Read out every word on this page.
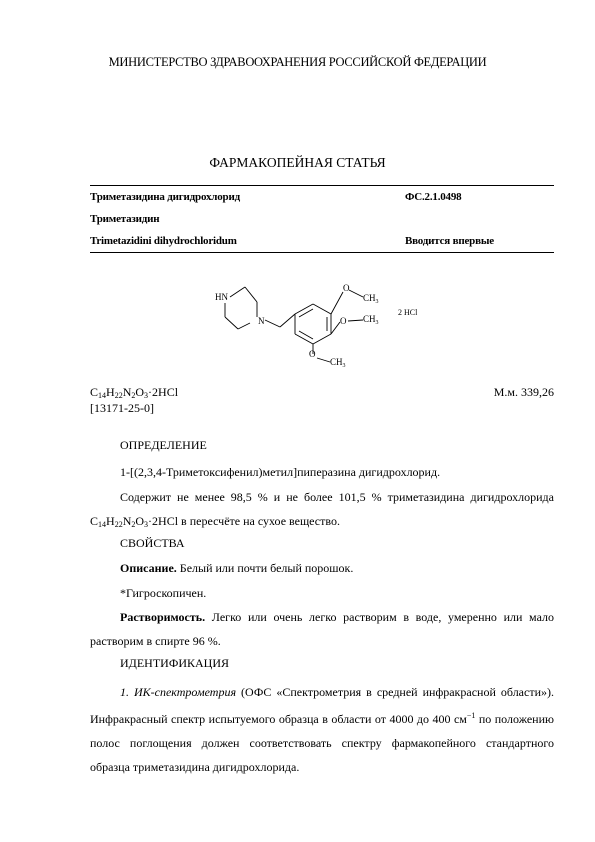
МИНИСТЕРСТВО ЗДРАВООХРАНЕНИЯ РОССИЙСКОЙ ФЕДЕРАЦИИ
ФАРМАКОПЕЙНАЯ СТАТЬЯ
Триметазидина дигидрохлорид	ФС.2.1.0498
Триметазидин
Trimetazidini dihydrochloridum	Вводится впервые
HN
N
O
O
O
$CH_3$
$CH_3$
$CH_3$
2 HCl
$C_{14}H_{22}N_2O_3\cdot 2HCl$	М.м. 339,26
[13171-25-0]
ОПРЕДЕЛЕНИЕ
1-[(2,3,4-Триметоксифенил)метил]пиперазина дигидрохлорид.
Содержит не менее 98,5 % и не более 101,5 % триметазидина дигидрохлорида $C_{14}H_{22}N_2O_3\cdot 2HCl$ в пересчёте на сухое вещество.
СВОЙСТВА
Описание. Белый или почти белый порошок.
*Гигроскопичен.
Растворимость. Легко или очень легко растворим в воде, умеренно или мало растворим в спирте 96 %.
ИДЕНТИФИКАЦИЯ
1. ИК-спектрометрия (ОФС «Спектрометрия в средней инфракрасной области»). Инфракрасный спектр испытуемого образца в области от 4000 до 400 $см^{-1}$ по положению полос поглощения должен соответствовать спектру фармакопейного стандартного образца триметазидина дигидрохлорида.
